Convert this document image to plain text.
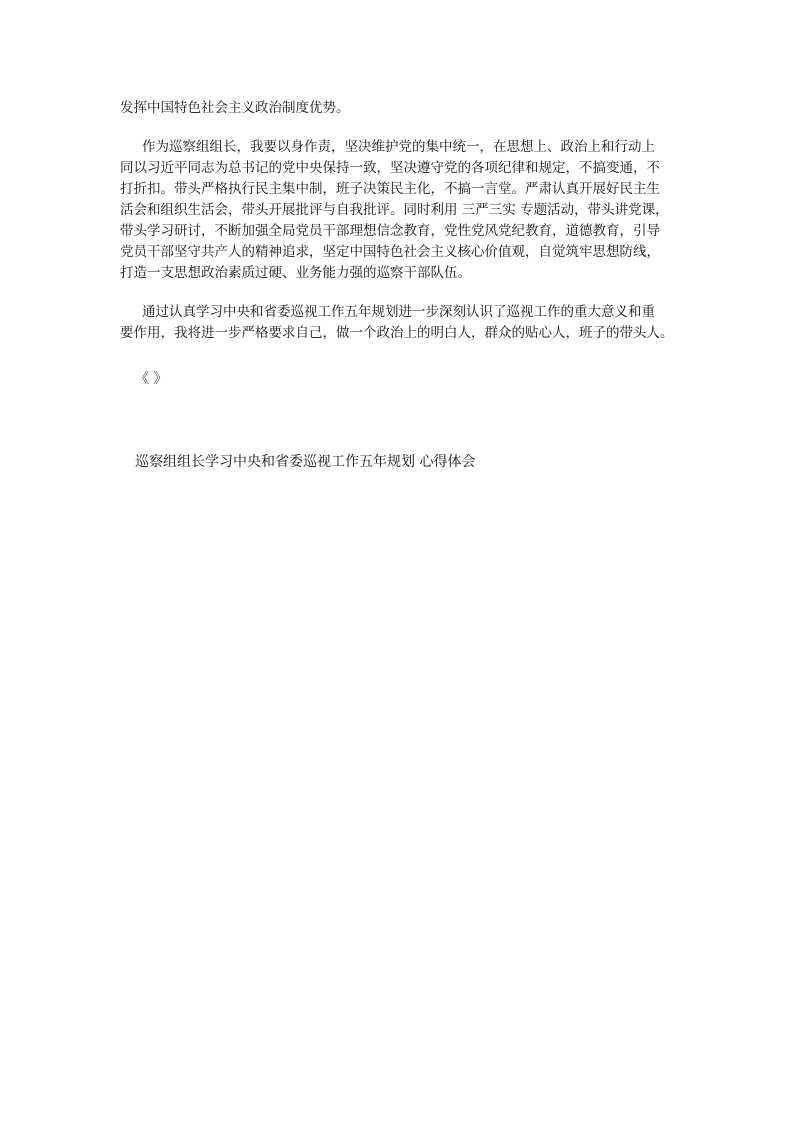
发挥中国特色社会主义政治制度优势。
作为巡察组组长，我要以身作责，坚决维护党的集中统一，在思想上、政治上和行动上
同以习近平同志为总书记的党中央保持一致，坚决遵守党的各项纪律和规定，不搞变通，不
打折扣。带头严格执行民主集中制，班子决策民主化，不搞一言堂。严肃认真开展好民主生
活会和组织生活会，带头开展批评与自我批评。同时利用 三严三实 专题活动，带头讲党课，
带头学习研讨，不断加强全局党员干部理想信念教育，党性党风党纪教育，道德教育，引导
党员干部坚守共产人的精神追求，坚定中国特色社会主义核心价值观，自觉筑牢思想防线，
打造一支思想政治素质过硬、业务能力强的巡察干部队伍。
通过认真学习中央和省委巡视工作五年规划进一步深刻认识了巡视工作的重大意义和重
要作用，我将进一步严格要求自己，做一个政治上的明白人，群众的贴心人，班子的带头人。
《 》
巡察组组长学习中央和省委巡视工作五年规划 心得体会
